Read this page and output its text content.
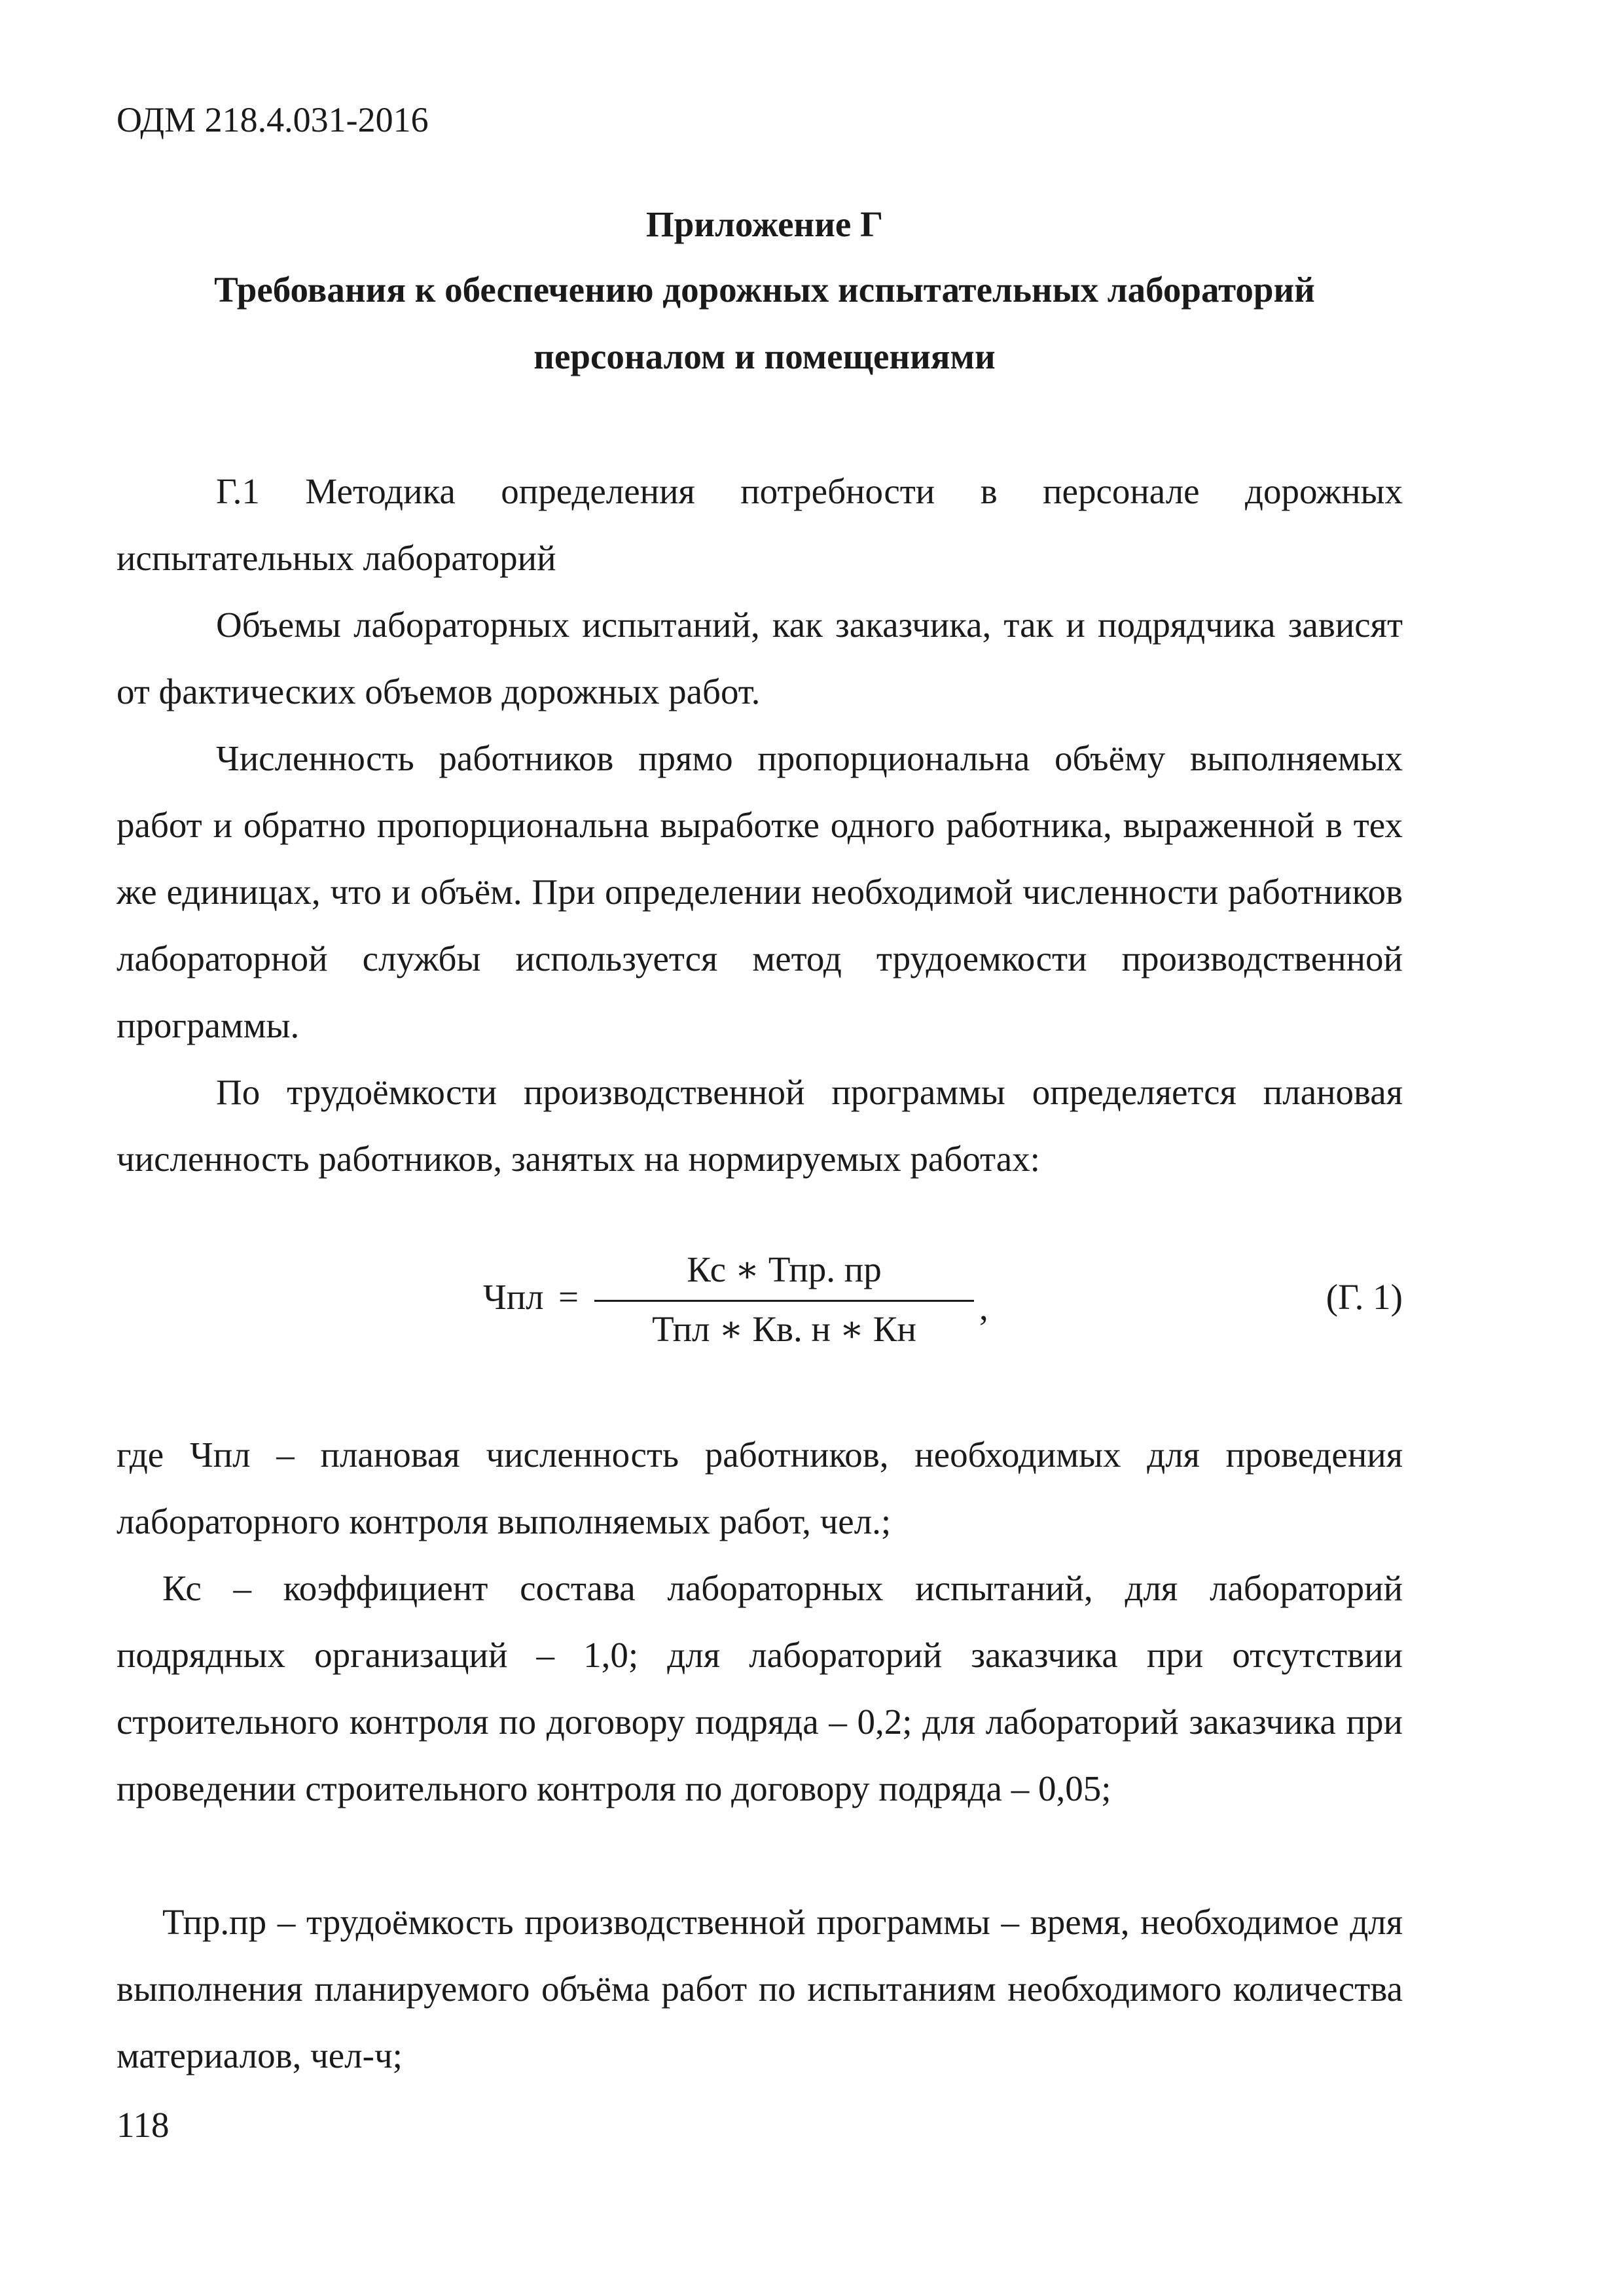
ОДМ 218.4.031-2016
Приложение Г
Требования к обеспечению дорожных испытательных лабораторий
персоналом и помещениями

Г.1 Методика определения потребности в персонале дорожных испытательных лабораторий

Объемы лабораторных испытаний, как заказчика, так и подрядчика зависят от фактических объемов дорожных работ.

Численность работников прямо пропорциональна объёму выполняемых работ и обратно пропорциональна выработке одного работника, выраженной в тех же единицах, что и объём. При определении необходимой численности работников лабораторной службы используется метод трудоемкости производственной программы.

По трудоёмкости производственной программы определяется плановая численность работников, занятых на нормируемых работах:

Чпл =
Кс ∗ Тпр. пр
Тпл ∗ Кв. н ∗ Кн
,	(Г. 1)

где Чпл – плановая численность работников, необходимых для проведения лабораторного контроля выполняемых работ, чел.;

Кс – коэффициент состава лабораторных испытаний, для лабораторий подрядных организаций – 1,0; для лабораторий заказчика при отсутствии строительного контроля по договору подряда – 0,2; для лабораторий заказчика при проведении строительного контроля по договору подряда – 0,05;

Тпр.пр – трудоёмкость производственной программы – время, необходимое для выполнения планируемого объёма работ по испытаниям необходимого количества материалов, чел-ч;

118
